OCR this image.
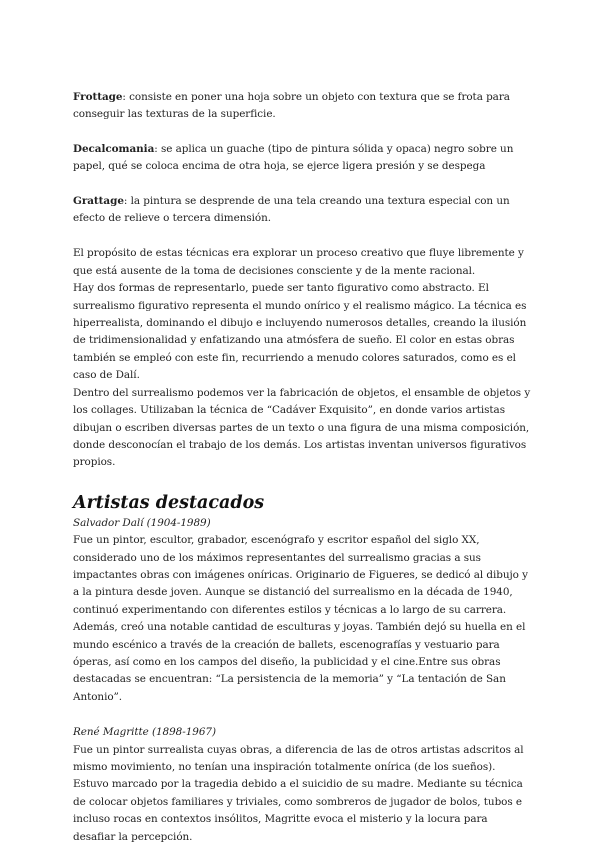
Frottage: consiste en poner una hoja sobre un objeto con textura que se frota para conseguir las texturas de la superficie.

Decalcomania: se aplica un guache (tipo de pintura sólida y opaca) negro sobre un papel, qué se coloca encima de otra hoja, se ejerce ligera presión y se despega

Grattage: la pintura se desprende de una tela creando una textura especial con un efecto de relieve o tercera dimensión.

El propósito de estas técnicas era explorar un proceso creativo que fluye libremente y que está ausente de la toma de decisiones consciente y de la mente racional.

Hay dos formas de representarlo, puede ser tanto figurativo como abstracto. El surrealismo figurativo representa el mundo onírico y el realismo mágico. La técnica es hiperrealista, dominando el dibujo e incluyendo numerosos detalles, creando la ilusión de tridimensionalidad y enfatizando una atmósfera de sueño. El color en estas obras también se empleó con este fin, recurriendo a menudo colores saturados, como es el caso de Dalí.

Dentro del surrealismo podemos ver la fabricación de objetos, el ensamble de objetos y los collages. Utilizaban la técnica de “Cadáver Exquisito”, en donde varios artistas dibujan o escriben diversas partes de un texto o una figura de una misma composición, donde desconocían el trabajo de los demás. Los artistas inventan universos figurativos propios.

Artistas destacados

Salvador Dalí (1904-1989)

Fue un pintor, escultor, grabador, escenógrafo y escritor español del siglo XX, considerado uno de los máximos representantes del surrealismo gracias a sus impactantes obras con imágenes oníricas. Originario de Figueres, se dedicó al dibujo y a la pintura desde joven. Aunque se distanció del surrealismo en la década de 1940, continuó experimentando con diferentes estilos y técnicas a lo largo de su carrera. Además, creó una notable cantidad de esculturas y joyas. También dejó su huella en el mundo escénico a través de la creación de ballets, escenografías y vestuario para óperas, así como en los campos del diseño, la publicidad y el cine.Entre sus obras destacadas se encuentran: “La persistencia de la memoria” y “La tentación de San Antonio”.

René Magritte (1898-1967)

Fue un pintor surrealista cuyas obras, a diferencia de las de otros artistas adscritos al mismo movimiento, no tenían una inspiración totalmente onírica (de los sueños). Estuvo marcado por la tragedia debido a el suicidio de su madre. Mediante su técnica de colocar objetos familiares y triviales, como sombreros de jugador de bolos, tubos e incluso rocas en contextos insólitos, Magritte evoca el misterio y la locura para desafiar la percepción.
